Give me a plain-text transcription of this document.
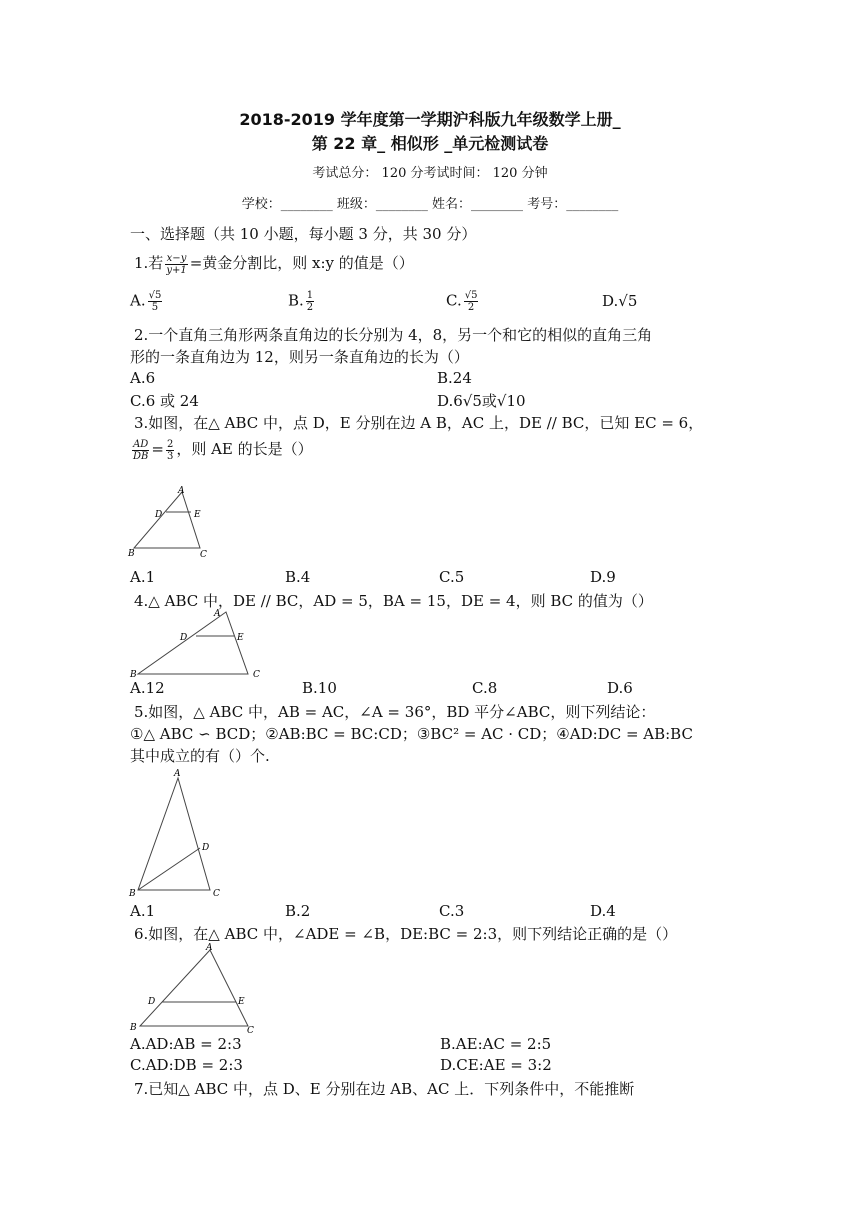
2018-2019 学年度第一学期沪科版九年级数学上册_
第 22 章_ 相似形 _单元检测试卷
考试总分： 120 分考试时间： 120 分钟
学校：________ 班级：________ 姓名：________ 考号：________
一、选择题（共 10 小题，每小题 3 分，共 30 分）
1.若 $\frac{x-y}{y+1}$ =黄金分割比，则 x:y 的值是（）
A. $\frac{√5}{5}$	B. $\frac{1}{2}$	C. $\frac{√5}{2}$	D.√5
2.一个直角三角形两条直角边的长分别为 4，8，另一个和它的相似的直角三角
形的一条直角边为 12，则另一条直角边的长为（）
A.6	B.24
C.6 或 24	D.6√5或√10
3.如图，在△ ABC 中，点 D，E 分别在边 A B，AC 上，DE // BC，已知 EC = 6，
$\frac{AD}{DB} = \frac{2}{3}$ ，则 AE 的长是（）
A
D	E
B	C
A.1	B.4	C.5	D.9
4.△ ABC 中，DE // BC，AD = 5，BA = 15，DE = 4，则 BC 的值为（）
A
D	E
B	C
A.12	B.10	C.8	D.6
5.如图，△ ABC 中，AB = AC，∠A = 36°，BD 平分∠ABC，则下列结论：
①△ ABC ∽ BCD；②AB:BC = BC:CD；③BC² = AC · CD；④AD:DC = AB:BC
其中成立的有（）个.
A
D
B	C
A.1	B.2	C.3	D.4
6.如图，在△ ABC 中，∠ADE = ∠B，DE:BC = 2:3，则下列结论正确的是（）
A
D	E
B	C
A.AD:AB = 2:3	B.AE:AC = 2:5
C.AD:DB = 2:3	D.CE:AE = 3:2
7.已知△ ABC 中，点 D、E 分别在边 AB、AC 上．下列条件中，不能推断
